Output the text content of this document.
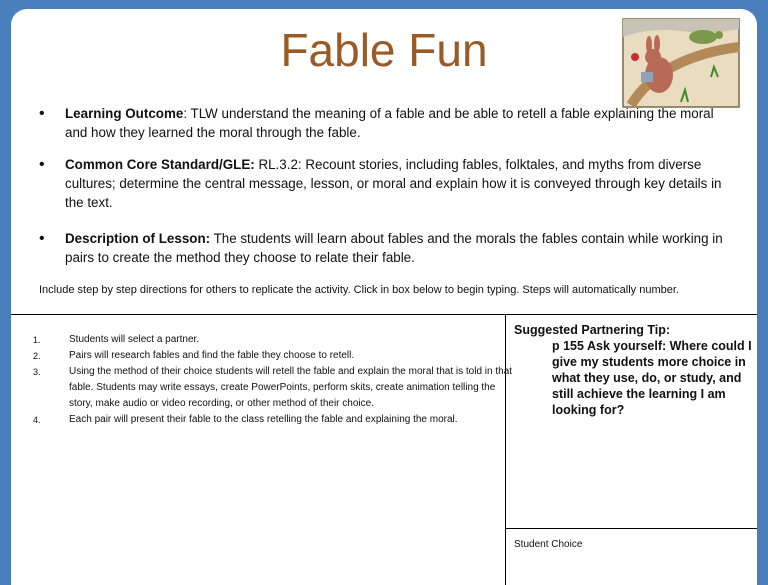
Fable Fun
• Learning Outcome: TLW understand the meaning of a fable and be able to retell a fable explaining the moral and how they learned the moral through the fable.
• Common Core Standard/GLE: RL.3.2: Recount stories, including fables, folktales, and myths from diverse cultures; determine the central message, lesson, or moral and explain how it is conveyed through key details in the text.
• Description of Lesson: The students will learn about fables and the morals the fables contain while working in pairs to create the method they choose to relate their fable.
Include step by step directions for others to replicate the activity. Click in box below to begin typing. Steps will automatically number.
1.	Students will select a partner.
2.	Pairs will research fables and find the fable they choose to retell.
3.	Using the method of their choice students will retell the fable and explain the moral that is told in that fable. Students may write essays, create PowerPoints, perform skits, create animation telling the story, make audio or video recording, or other method of their choice.
4.	Each pair will present their fable to the class retelling the fable and explaining the moral.
Suggested Partnering Tip:
p 155 Ask yourself: Where could I give my students more choice in what they use, do, or study, and still achieve the learning I am looking for?
Student Choice
